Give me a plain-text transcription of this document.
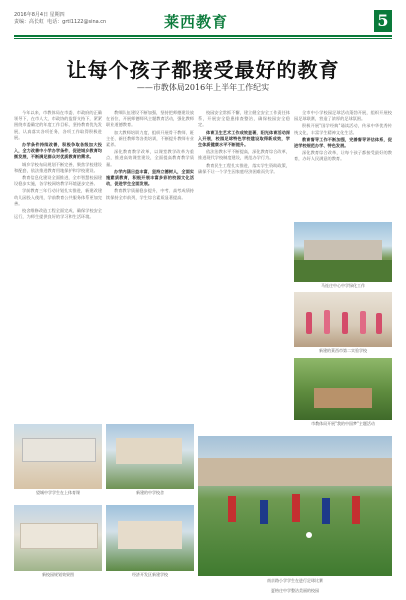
2016年8月4日 星期四
责编：高长虹  电话：grtl1122@sina.cn	莱西教育	5
让每个孩子都接受最好的教育
——市教体局2016年上半年工作纪实

今年以来，市教体局在市委、市政府的正确领导下，在市人大、市政协的监督支持下，紧紧围绕市委确定的年度工作目标，坚持教育优先发展，认真落实各项任务，各项工作取得积极进展。

办学条件持续改善，积极争取各级加大投入，全力改善中小学办学条件，促进城乡教育均衡发展，不断满足群众对优质教育的需求。

城乡学校布局规划不断完善，聚焦学校建设和配套，依法推进教育用地保护和学校建设。

教育信息化建设全面推进，全市智慧校园建设稳步实施，各学校网络教学环境逐步完善。

学前教育三年行动计划扎实推进，新建改建幼儿园投入使用，学前教育公共服务体系更加完善。

校舍维修改造工程全面完成，确保学校安全运行，为师生提供良好的学习和生活环境。

教师队伍建设不断加强，坚持把师德建设放在首位，开展师德师风主题教育活动，强化教师职业道德教育。

加大教师培训力度，组织开展骨干教师、班主任、新任教师等各类培训，不断提升教师专业素养。

深化教育教学改革，以课堂教学改革为重点，推进高效课堂建设，全面提高教育教学质量。

办学内涵日益丰富，坚持立德树人，全面实施素质教育，积极开展丰富多彩的校园文化活动，促进学生全面发展。

教育教学质量稳步提升，中考、高考成绩持续保持全市前列，学生综合素质显著提高。

校园安全常抓不懈，建立健全安全工作责任体系，开展安全隐患排查整治，确保校园安全稳定。

体育卫生艺术工作成效显著，阳光体育活动深入开展，校园足球特色学校建设取得新成效，学生体质健康水平不断提升。

依法治教水平不断提高，深化教育综合改革，推进现代学校制度建设，规范办学行为。

教育民生工程扎实推进，落实学生资助政策，确保不让一个学生因家庭经济困难而失学。

全市中小学校园足球活动蓬勃开展，组织开展校园足球联赛，营造了浓厚的足球氛围。

积极开展"国学经典"诵读活动，传承中华优秀传统文化，丰富学生精神文化生活。

教育督导工作不断加强，完善督导评估体系，促进学校规范办学、特色发展。

深化教育综合改革，让每个孩子都接受最好的教育，办好人民满意的教育。

马连庄中心中学绿化工作
新建的莱西市第二实验学校
市教体局开展"我的中国梦"主题活动
南京路小学学生在进行足球比赛
望城中学学生在上体育课	新建的中学校舍
新校园规划效果图	经济开发区新建学校
夏格庄中学整洁美丽的校园
